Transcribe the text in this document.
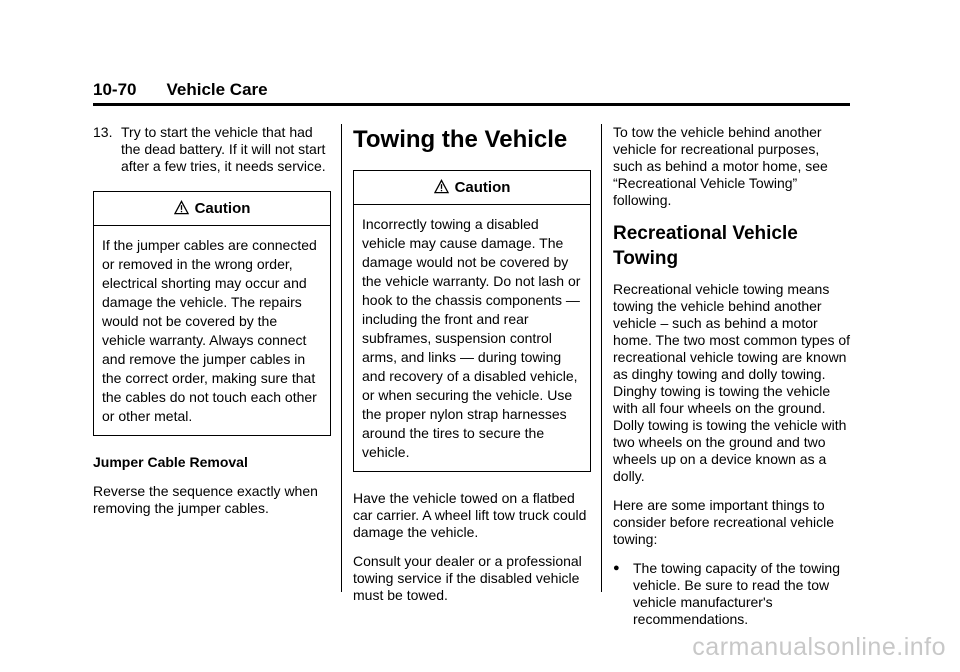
10-70 Vehicle Care
13. Try to start the vehicle that had the dead battery. If it will not start after a few tries, it needs service.
Caution
If the jumper cables are connected or removed in the wrong order, electrical shorting may occur and damage the vehicle. The repairs would not be covered by the vehicle warranty. Always connect and remove the jumper cables in the correct order, making sure that the cables do not touch each other or other metal.

Jumper Cable Removal

Reverse the sequence exactly when removing the jumper cables.

Towing the Vehicle
Caution
Incorrectly towing a disabled vehicle may cause damage. The damage would not be covered by the vehicle warranty. Do not lash or hook to the chassis components — including the front and rear subframes, suspension control arms, and links — during towing and recovery of a disabled vehicle, or when securing the vehicle. Use the proper nylon strap harnesses around the tires to secure the vehicle.

Have the vehicle towed on a flatbed car carrier. A wheel lift tow truck could damage the vehicle.

Consult your dealer or a professional towing service if the disabled vehicle must be towed.

To tow the vehicle behind another vehicle for recreational purposes, such as behind a motor home, see “Recreational Vehicle Towing” following.

Recreational Vehicle Towing

Recreational vehicle towing means towing the vehicle behind another vehicle – such as behind a motor home. The two most common types of recreational vehicle towing are known as dinghy towing and dolly towing. Dinghy towing is towing the vehicle with all four wheels on the ground. Dolly towing is towing the vehicle with two wheels on the ground and two wheels up on a device known as a dolly.

Here are some important things to consider before recreational vehicle towing:

● The towing capacity of the towing vehicle. Be sure to read the tow vehicle manufacturer's recommendations.
carmanualsonline.info
